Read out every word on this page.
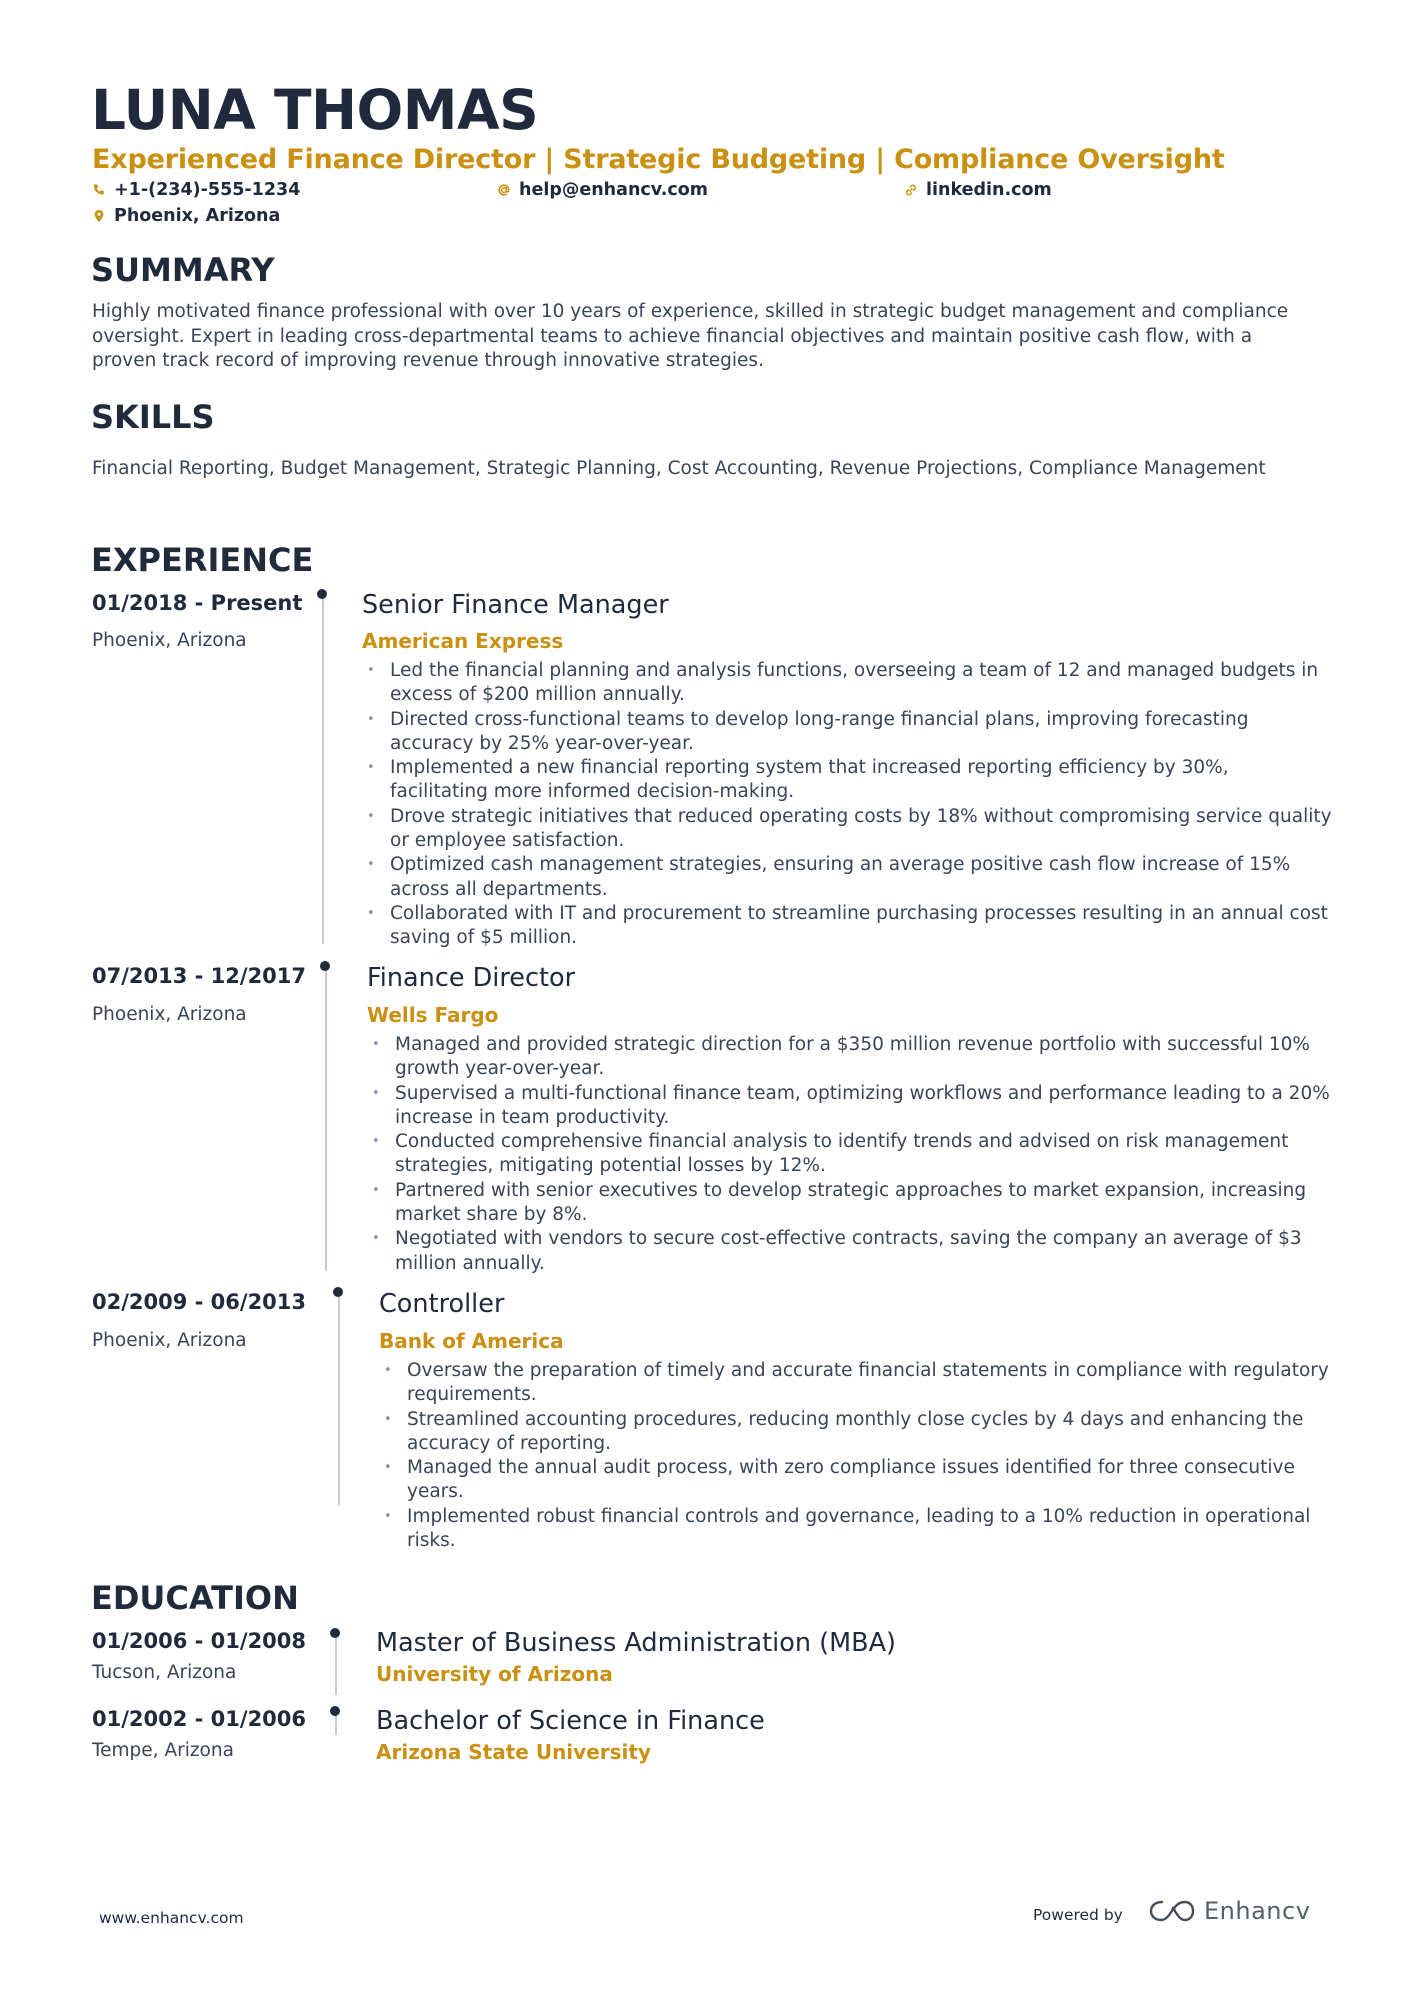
LUNA THOMAS
Experienced Finance Director | Strategic Budgeting | Compliance Oversight
+1-(234)-555-1234	help@enhancv.com	linkedin.com
Phoenix, Arizona
SUMMARY
Highly motivated finance professional with over 10 years of experience, skilled in strategic budget management and compliance oversight. Expert in leading cross-departmental teams to achieve financial objectives and maintain positive cash flow, with a proven track record of improving revenue through innovative strategies.
SKILLS
Financial Reporting, Budget Management, Strategic Planning, Cost Accounting, Revenue Projections, Compliance Management
EXPERIENCE
01/2018 - Present
Phoenix, Arizona
Senior Finance Manager
American Express
• Led the financial planning and analysis functions, overseeing a team of 12 and managed budgets in excess of $200 million annually.
• Directed cross-functional teams to develop long-range financial plans, improving forecasting accuracy by 25% year-over-year.
• Implemented a new financial reporting system that increased reporting efficiency by 30%, facilitating more informed decision-making.
• Drove strategic initiatives that reduced operating costs by 18% without compromising service quality or employee satisfaction.
• Optimized cash management strategies, ensuring an average positive cash flow increase of 15% across all departments.
• Collaborated with IT and procurement to streamline purchasing processes resulting in an annual cost saving of $5 million.
07/2013 - 12/2017
Phoenix, Arizona
Finance Director
Wells Fargo
• Managed and provided strategic direction for a $350 million revenue portfolio with successful 10% growth year-over-year.
• Supervised a multi-functional finance team, optimizing workflows and performance leading to a 20% increase in team productivity.
• Conducted comprehensive financial analysis to identify trends and advised on risk management strategies, mitigating potential losses by 12%.
• Partnered with senior executives to develop strategic approaches to market expansion, increasing market share by 8%.
• Negotiated with vendors to secure cost-effective contracts, saving the company an average of $3 million annually.
02/2009 - 06/2013
Phoenix, Arizona
Controller
Bank of America
• Oversaw the preparation of timely and accurate financial statements in compliance with regulatory requirements.
• Streamlined accounting procedures, reducing monthly close cycles by 4 days and enhancing the accuracy of reporting.
• Managed the annual audit process, with zero compliance issues identified for three consecutive years.
• Implemented robust financial controls and governance, leading to a 10% reduction in operational risks.
EDUCATION
01/2006 - 01/2008
Tucson, Arizona
Master of Business Administration (MBA)
University of Arizona
01/2002 - 01/2006
Tempe, Arizona
Bachelor of Science in Finance
Arizona State University
www.enhancv.com	Powered by	Enhancv
